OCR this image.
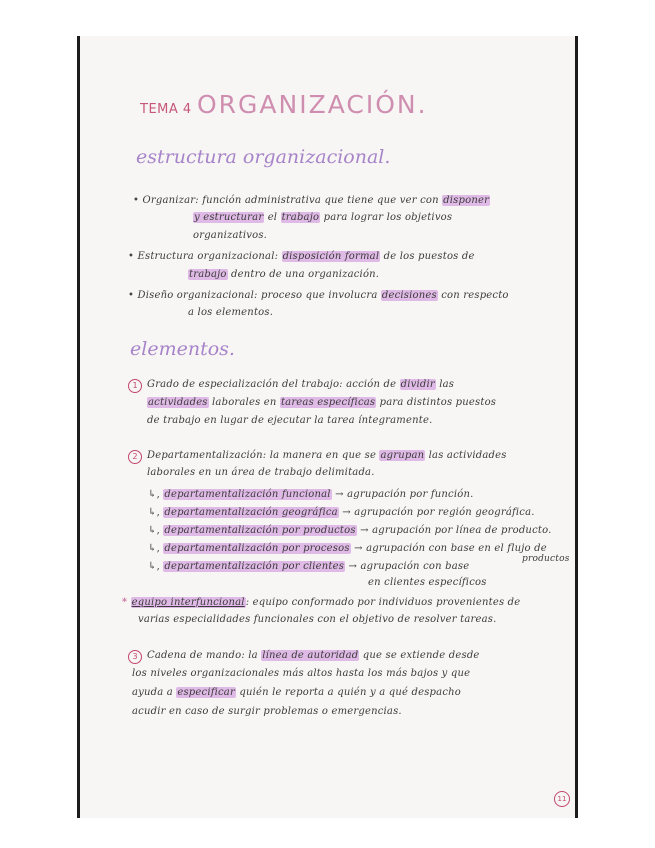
TEMA 4 ORGANIZACIÓN.
estructura organizacional.
• Organizar: función administrativa que tiene que ver con disponer
y estructurar el trabajo para lograr los objetivos
organizativos.
• Estructura organizacional: disposición formal de los puestos de
trabajo dentro de una organización.
• Diseño organizacional: proceso que involucra decisiones con respecto
a los elementos.
elementos.
1 Grado de especialización del trabajo: acción de dividir las
actividades laborales en tareas específicas para distintos puestos
de trabajo en lugar de ejecutar la tarea íntegramente.
2 Departamentalización: la manera en que se agrupan las actividades
laborales en un área de trabajo delimitada.
↳, departamentalización funcional → agrupación por función.
↳, departamentalización geográfica → agrupación por región geográfica.
↳, departamentalización por productos → agrupación por línea de producto.
↳, departamentalización por procesos → agrupación con base en el flujo de
productos
↳, departamentalización por clientes → agrupación con base
en clientes específicos
* equipo interfuncional: equipo conformado por individuos provenientes de
varias especialidades funcionales con el objetivo de resolver tareas.
3 Cadena de mando: la línea de autoridad que se extiende desde
los niveles organizacionales más altos hasta los más bajos y que
ayuda a especificar quién le reporta a quién y a qué despacho
acudir en caso de surgir problemas o emergencias.
11
